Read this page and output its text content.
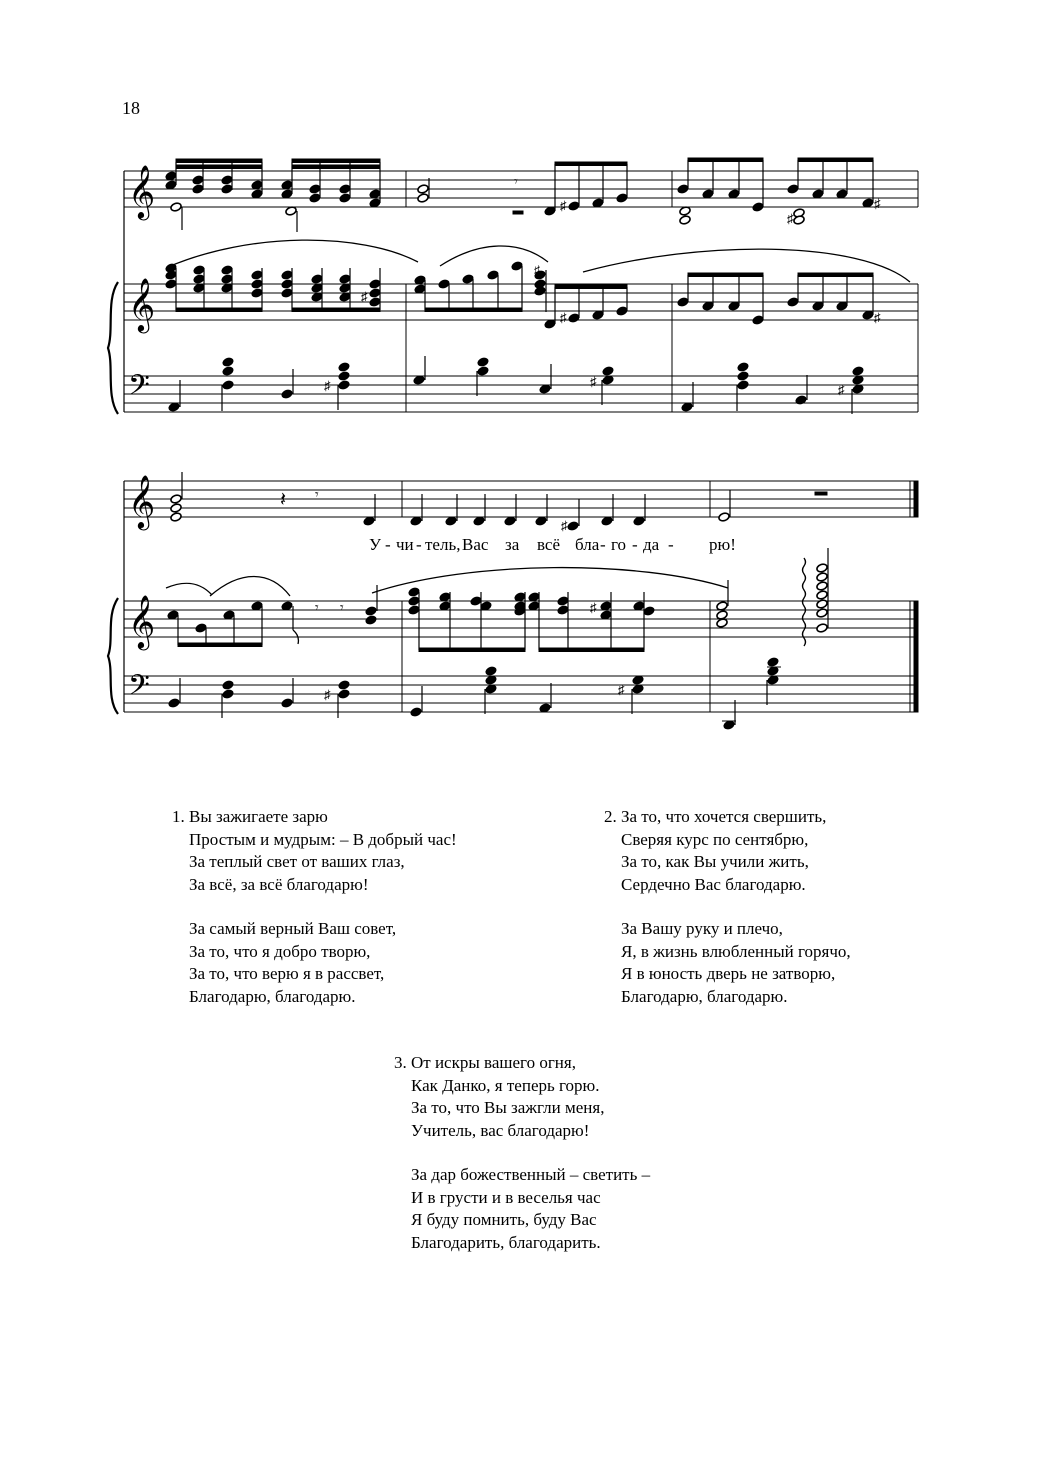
18
𝄞
𝄞
𝄢
𝄾
♯	♯
♯
♯
♯
♯	♯
♯	♯
♯
𝄞
𝄞
𝄢
𝄽 𝄾
♯
У - чи - тель, Вас за всё бла - го - да - рю!
𝄾 𝄾	♯
♯	♯
1. Вы зажигаете зарю
Простым и мудрым: – В добрый час!
За теплый свет от ваших глаз,
За всё, за всё благодарю!
За самый верный Ваш совет,
За то, что я добро творю,
За то, что верю я в рассвет,
Благодарю, благодарю.
2. За то, что хочется свершить,
Сверяя курс по сентябрю,
За то, как Вы учили жить,
Сердечно Вас благодарю.
За Вашу руку и плечо,
Я, в жизнь влюбленный горячо,
Я в юность дверь не затворю,
Благодарю, благодарю.
3. От искры вашего огня,
Как Данко, я теперь горю.
За то, что Вы зажгли меня,
Учитель, вас благодарю!
За дар божественный – светить –
И в грусти и в веселья час
Я буду помнить, буду Вас
Благодарить, благодарить.
